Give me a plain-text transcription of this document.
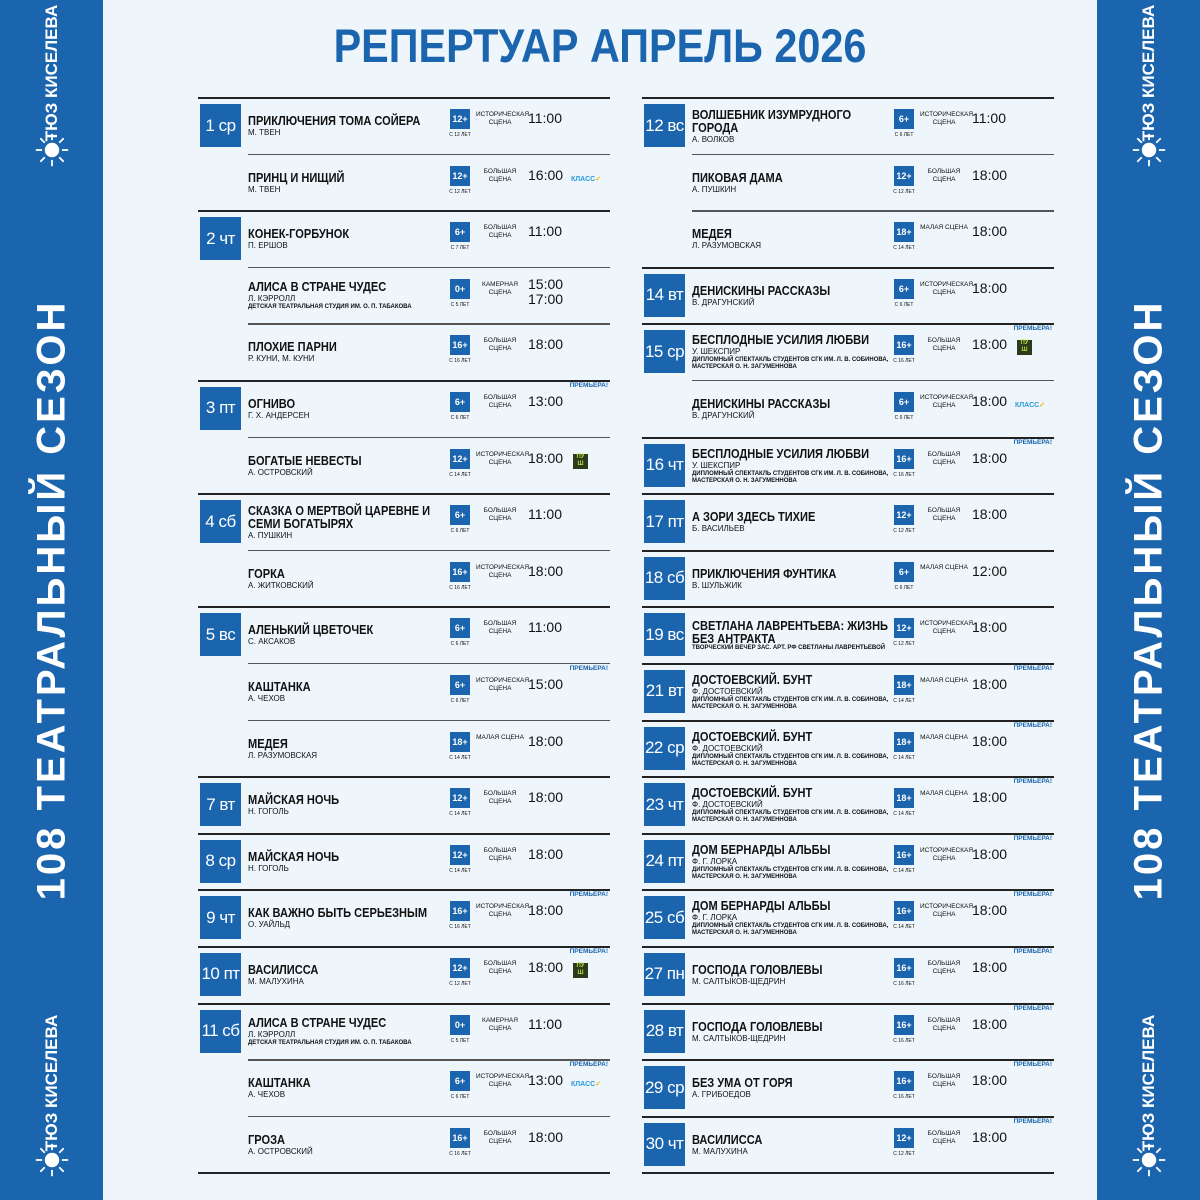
ТЮЗ КИСЕЛЕВА
108 ТЕАТРАЛЬНЫЙ СЕЗОН
ТЮЗ КИСЕЛЕВА
ТЮЗ КИСЕЛЕВА
108 ТЕАТРАЛЬНЫЙ СЕЗОН
ТЮЗ КИСЕЛЕВА
РЕПЕРТУАР АПРЕЛЬ 2026
1 ср ПРИКЛЮЧЕНИЯ ТОМА СОЙЕРА
М. ТВЕН
12+
С 12 ЛЕТ
ИСТОРИЧЕСКАЯ СЦЕНА	11:00
ПРИНЦ И НИЩИЙ
М. ТВЕН
12+
С 12 ЛЕТ
БОЛЬШАЯ СЦЕНА	16:00 КЛАСС✓
2 чт	КОНЕК-ГОРБУНОК
П. ЕРШОВ
6+
С 7 ЛЕТ
БОЛЬШАЯ СЦЕНА	11:00
АЛИСА В СТРАНЕ ЧУДЕС
Л. КЭРРОЛЛ
ДЕТСКАЯ ТЕАТРАЛЬНАЯ СТУДИЯ ИМ. О. П. ТАБАКОВА
0+
С 5 ЛЕТ
КАМЕРНАЯ СЦЕНА
15:00
17:00
ПЛОХИЕ ПАРНИ
Р. КУНИ, М. КУНИ
16+
С 16 ЛЕТ
БОЛЬШАЯ СЦЕНА	18:00
3 пт ОГНИВО
Г. Х. АНДЕРСЕН
6+
С 6 ЛЕТ
БОЛЬШАЯ СЦЕНА	13:00
ПРЕМЬЕРА!
БОГАТЫЕ НЕВЕСТЫ
А. ОСТРОВСКИЙ
12+
С 14 ЛЕТ
ИСТОРИЧЕСКАЯ СЦЕНА	18:00	ПУ Ш
4 сб
СКАЗКА О МЕРТВОЙ ЦАРЕВНЕ И СЕМИ БОГАТЫРЯХ
А. ПУШКИН
6+
С 6 ЛЕТ
БОЛЬШАЯ СЦЕНА	11:00
ГОРКА
А. ЖИТКОВСКИЙ
16+
С 16 ЛЕТ
ИСТОРИЧЕСКАЯ СЦЕНА	18:00
5 вс АЛЕНЬКИЙ ЦВЕТОЧЕК
С. АКСАКОВ
6+
С 6 ЛЕТ
БОЛЬШАЯ СЦЕНА	11:00
КАШТАНКА
А. ЧЕХОВ
6+
С 6 ЛЕТ
ИСТОРИЧЕСКАЯ СЦЕНА	15:00
ПРЕМЬЕРА!
МЕДЕЯ
Л. РАЗУМОВСКАЯ
18+
С 14 ЛЕТ
МАЛАЯ СЦЕНА 18:00
7 вт	МАЙСКАЯ НОЧЬ
Н. ГОГОЛЬ
12+
С 14 ЛЕТ
БОЛЬШАЯ СЦЕНА	18:00
8 ср МАЙСКАЯ НОЧЬ
Н. ГОГОЛЬ
12+
С 14 ЛЕТ
БОЛЬШАЯ СЦЕНА	18:00
9 чт	КАК ВАЖНО БЫТЬ СЕРЬЕЗНЫМ
О. УАЙЛЬД
16+
С 16 ЛЕТ
ИСТОРИЧЕСКАЯ СЦЕНА	18:00
ПРЕМЬЕРА!
10 пт ВАСИЛИССА
М. МАЛУХИНА
12+
С 12 ЛЕТ
БОЛЬШАЯ СЦЕНА	18:00
ПРЕМЬЕРА!
ПУ Ш
11 сб АЛИСА В СТРАНЕ ЧУДЕС
Л. КЭРРОЛЛ
ДЕТСКАЯ ТЕАТРАЛЬНАЯ СТУДИЯ ИМ. О. П. ТАБАКОВА
0+
С 5 ЛЕТ
КАМЕРНАЯ СЦЕНА	11:00
КАШТАНКА
А. ЧЕХОВ
6+
С 6 ЛЕТ
ИСТОРИЧЕСКАЯ СЦЕНА	13:00
ПРЕМЬЕРА!
КЛАСС✓
ГРОЗА
А. ОСТРОВСКИЙ
16+
С 16 ЛЕТ
БОЛЬШАЯ СЦЕНА	18:00
12 вс
ВОЛШЕБНИК ИЗУМРУДНОГО ГОРОДА
А. ВОЛКОВ
6+
С 6 ЛЕТ
ИСТОРИЧЕСКАЯ СЦЕНА	11:00
ПИКОВАЯ ДАМА
А. ПУШКИН
12+
С 12 ЛЕТ
БОЛЬШАЯ СЦЕНА	18:00
МЕДЕЯ
Л. РАЗУМОВСКАЯ
18+
С 14 ЛЕТ
МАЛАЯ СЦЕНА 18:00
14 вт ДЕНИСКИНЫ РАССКАЗЫ
В. ДРАГУНСКИЙ
6+
С 6 ЛЕТ
ИСТОРИЧЕСКАЯ СЦЕНА	18:00
15 ср
БЕСПЛОДНЫЕ УСИЛИЯ ЛЮБВИ
У. ШЕКСПИР
ДИПЛОМНЫЙ СПЕКТАКЛЬ СТУДЕНТОВ СГК ИМ. Л. В. СОБИНОВА, МАСТЕРСКАЯ О. Н. ЗАГУМЕННОВА
16+
С 16 ЛЕТ
БОЛЬШАЯ СЦЕНА	18:00
ПРЕМЬЕРА!
ПУ Ш
ДЕНИСКИНЫ РАССКАЗЫ
В. ДРАГУНСКИЙ
6+
С 6 ЛЕТ
ИСТОРИЧЕСКАЯ СЦЕНА	18:00 КЛАСС✓
16 чт
БЕСПЛОДНЫЕ УСИЛИЯ ЛЮБВИ
У. ШЕКСПИР
ДИПЛОМНЫЙ СПЕКТАКЛЬ СТУДЕНТОВ СГК ИМ. Л. В. СОБИНОВА, МАСТЕРСКАЯ О. Н. ЗАГУМЕННОВА
16+
С 16 ЛЕТ
БОЛЬШАЯ СЦЕНА	18:00
ПРЕМЬЕРА!
17 пт А ЗОРИ ЗДЕСЬ ТИХИЕ
Б. ВАСИЛЬЕВ
12+
С 12 ЛЕТ
БОЛЬШАЯ СЦЕНА	18:00
18 сб ПРИКЛЮЧЕНИЯ ФУНТИКА
В. ШУЛЬЖИК
6+
С 6 ЛЕТ
МАЛАЯ СЦЕНА 12:00
19 вс СВЕТЛАНА ЛАВРЕНТЬЕВА: ЖИЗНЬ БЕЗ АНТРАКТА
ТВОРЧЕСКИЙ ВЕЧЕР ЗАС. АРТ. РФ СВЕТЛАНЫ ЛАВРЕНТЬЕВОЙ
12+
С 12 ЛЕТ
ИСТОРИЧЕСКАЯ СЦЕНА	18:00
21 вт
ДОСТОЕВСКИЙ. БУНТ
Ф. ДОСТОЕВСКИЙ
ДИПЛОМНЫЙ СПЕКТАКЛЬ СТУДЕНТОВ СГК ИМ. Л. В. СОБИНОВА, МАСТЕРСКАЯ О. Н. ЗАГУМЕННОВА
18+
С 14 ЛЕТ
МАЛАЯ СЦЕНА 18:00
ПРЕМЬЕРА!
22 ср
ДОСТОЕВСКИЙ. БУНТ
Ф. ДОСТОЕВСКИЙ
ДИПЛОМНЫЙ СПЕКТАКЛЬ СТУДЕНТОВ СГК ИМ. Л. В. СОБИНОВА, МАСТЕРСКАЯ О. Н. ЗАГУМЕННОВА
18+
С 14 ЛЕТ
МАЛАЯ СЦЕНА 18:00
ПРЕМЬЕРА!
23 чт
ДОСТОЕВСКИЙ. БУНТ
Ф. ДОСТОЕВСКИЙ
ДИПЛОМНЫЙ СПЕКТАКЛЬ СТУДЕНТОВ СГК ИМ. Л. В. СОБИНОВА, МАСТЕРСКАЯ О. Н. ЗАГУМЕННОВА
18+
С 14 ЛЕТ
МАЛАЯ СЦЕНА 18:00
ПРЕМЬЕРА!
24 пт
ДОМ БЕРНАРДЫ АЛЬБЫ
Ф. Г. ЛОРКА
ДИПЛОМНЫЙ СПЕКТАКЛЬ СТУДЕНТОВ СГК ИМ. Л. В. СОБИНОВА, МАСТЕРСКАЯ О. Н. ЗАГУМЕННОВА
16+
С 14 ЛЕТ
ИСТОРИЧЕСКАЯ СЦЕНА	18:00
ПРЕМЬЕРА!
25 сб
ДОМ БЕРНАРДЫ АЛЬБЫ
Ф. Г. ЛОРКА
ДИПЛОМНЫЙ СПЕКТАКЛЬ СТУДЕНТОВ СГК ИМ. Л. В. СОБИНОВА, МАСТЕРСКАЯ О. Н. ЗАГУМЕННОВА
16+
С 14 ЛЕТ
ИСТОРИЧЕСКАЯ СЦЕНА	18:00
ПРЕМЬЕРА!
27 пн ГОСПОДА ГОЛОВЛЕВЫ
М. САЛТЫКОВ-ЩЕДРИН
16+
С 16 ЛЕТ
БОЛЬШАЯ СЦЕНА	18:00
ПРЕМЬЕРА!
28 вт ГОСПОДА ГОЛОВЛЕВЫ
М. САЛТЫКОВ-ЩЕДРИН
16+
С 16 ЛЕТ
БОЛЬШАЯ СЦЕНА	18:00
ПРЕМЬЕРА!
29 ср БЕЗ УМА ОТ ГОРЯ
А. ГРИБОЕДОВ
16+
С 16 ЛЕТ
БОЛЬШАЯ СЦЕНА	18:00
ПРЕМЬЕРА!
30 чт ВАСИЛИССА
М. МАЛУХИНА
12+
С 12 ЛЕТ
БОЛЬШАЯ СЦЕНА	18:00
ПРЕМЬЕРА!
